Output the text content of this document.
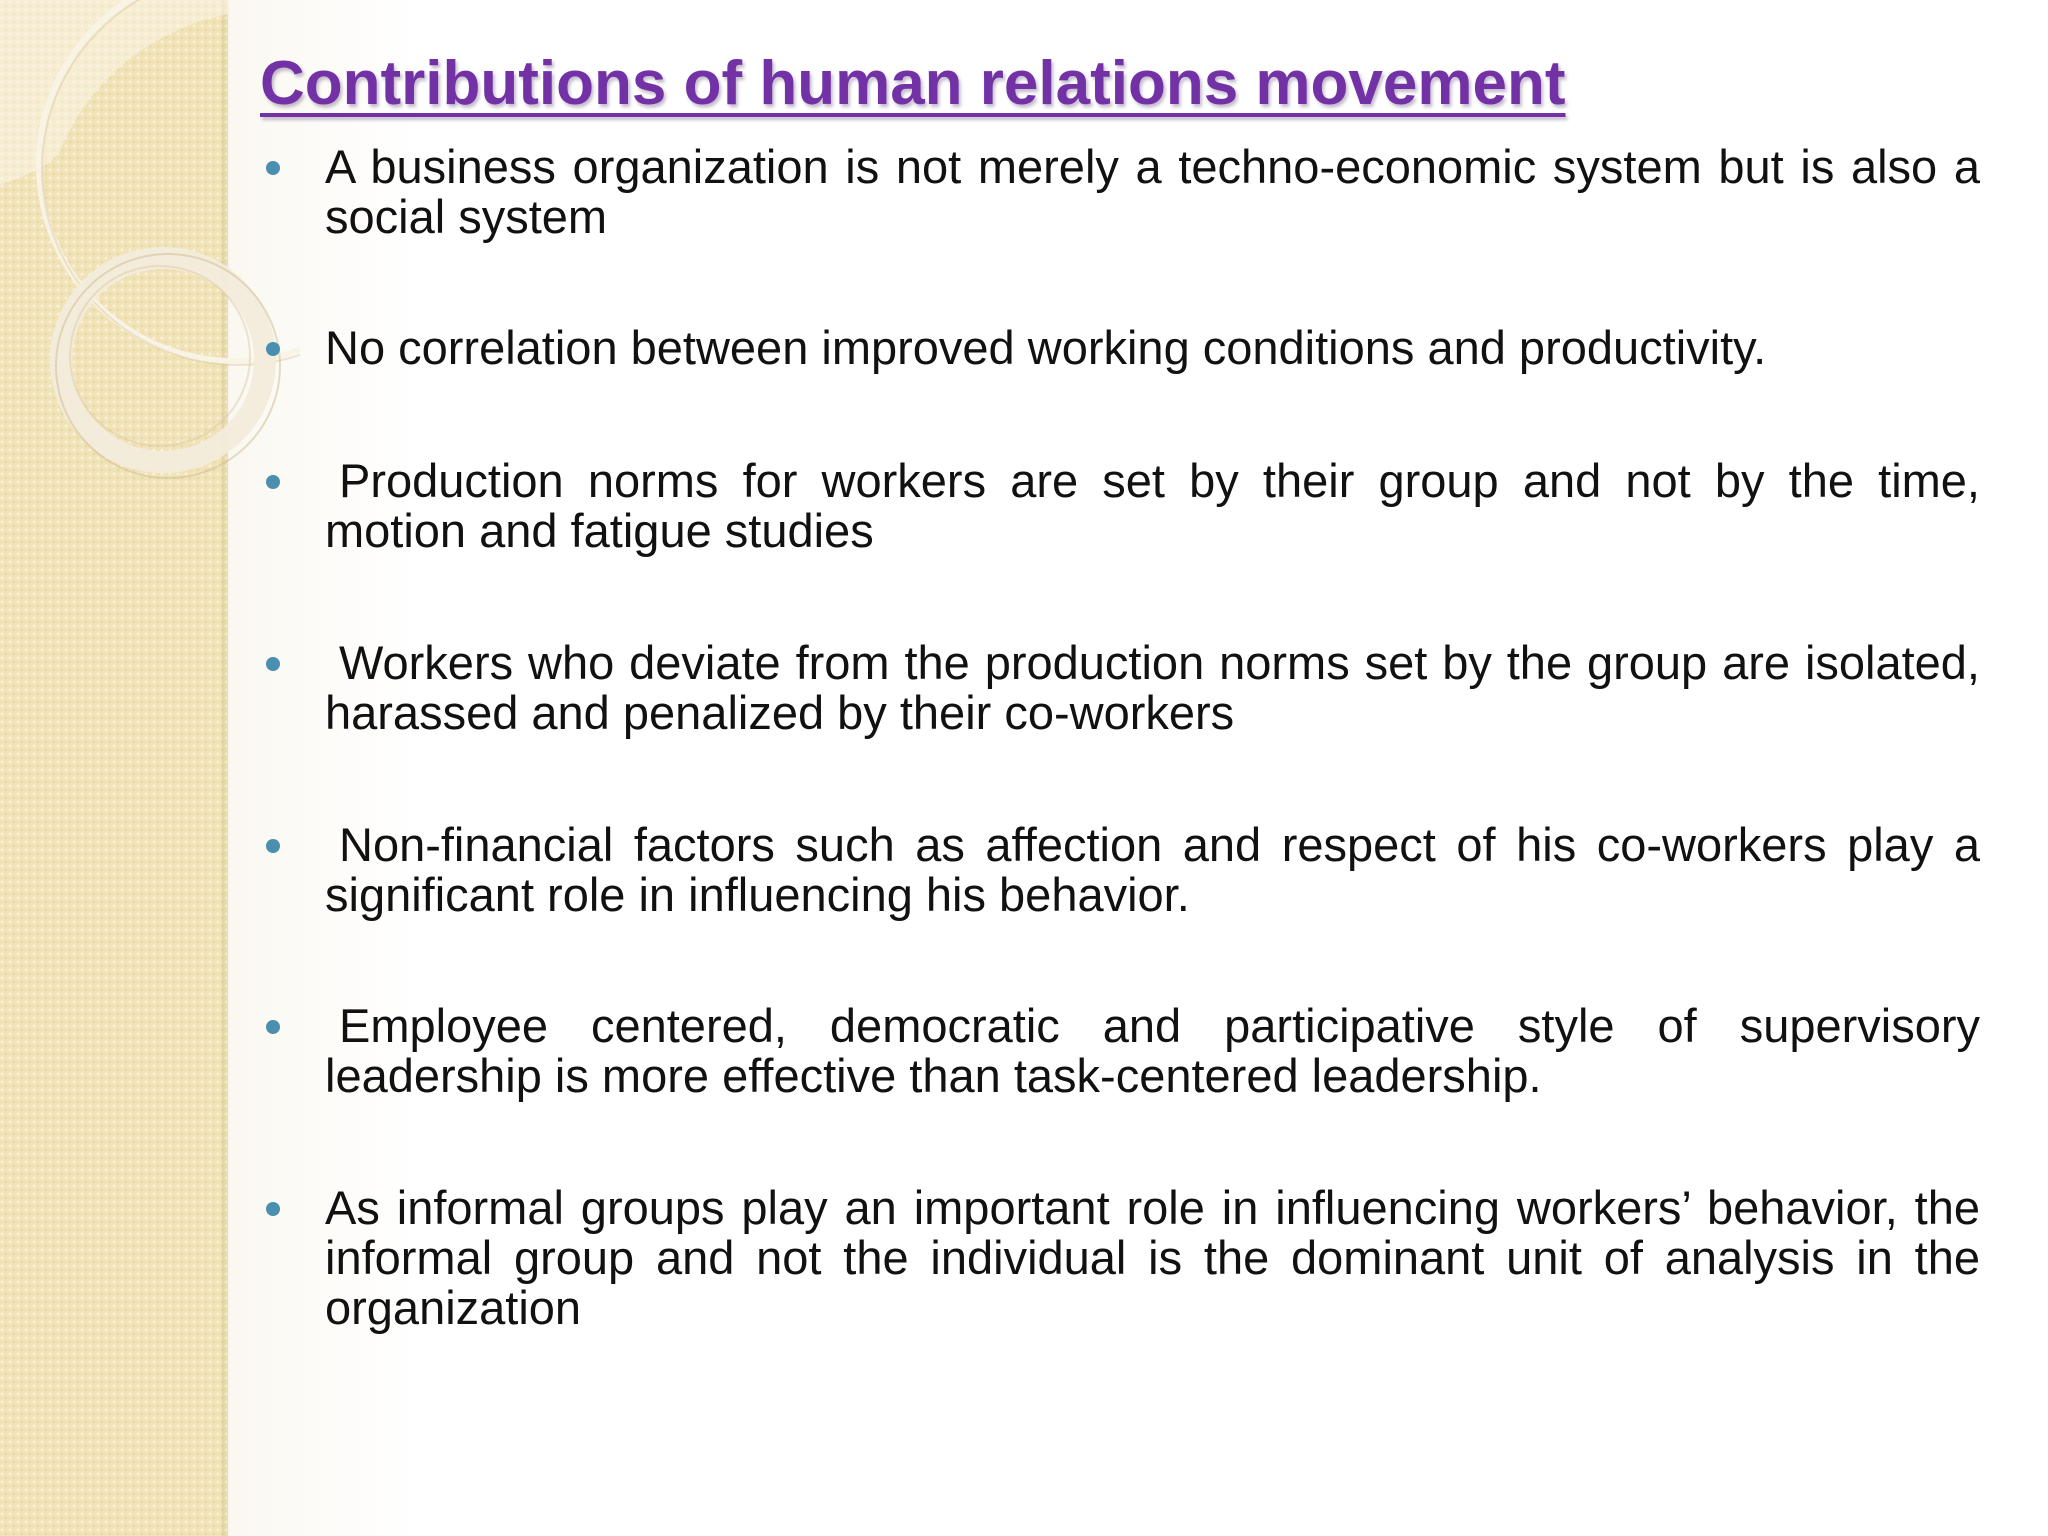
Contributions of human relations movement
A business organization is not merely a techno-economic system but is also a social system
No correlation between improved working conditions and productivity.
Production norms for workers are set by their group and not by the time, motion and fatigue studies
Workers who deviate from the production norms set by the group are isolated, harassed and penalized by their co-workers
Non-financial factors such as affection and respect of his co-workers play a significant role in influencing his behavior.
Employee centered, democratic and participative style of supervisory leadership is more effective than task-centered leadership.
As informal groups play an important role in influencing workers’ behavior, the informal group and not the individual is the dominant unit of analysis in the organization
